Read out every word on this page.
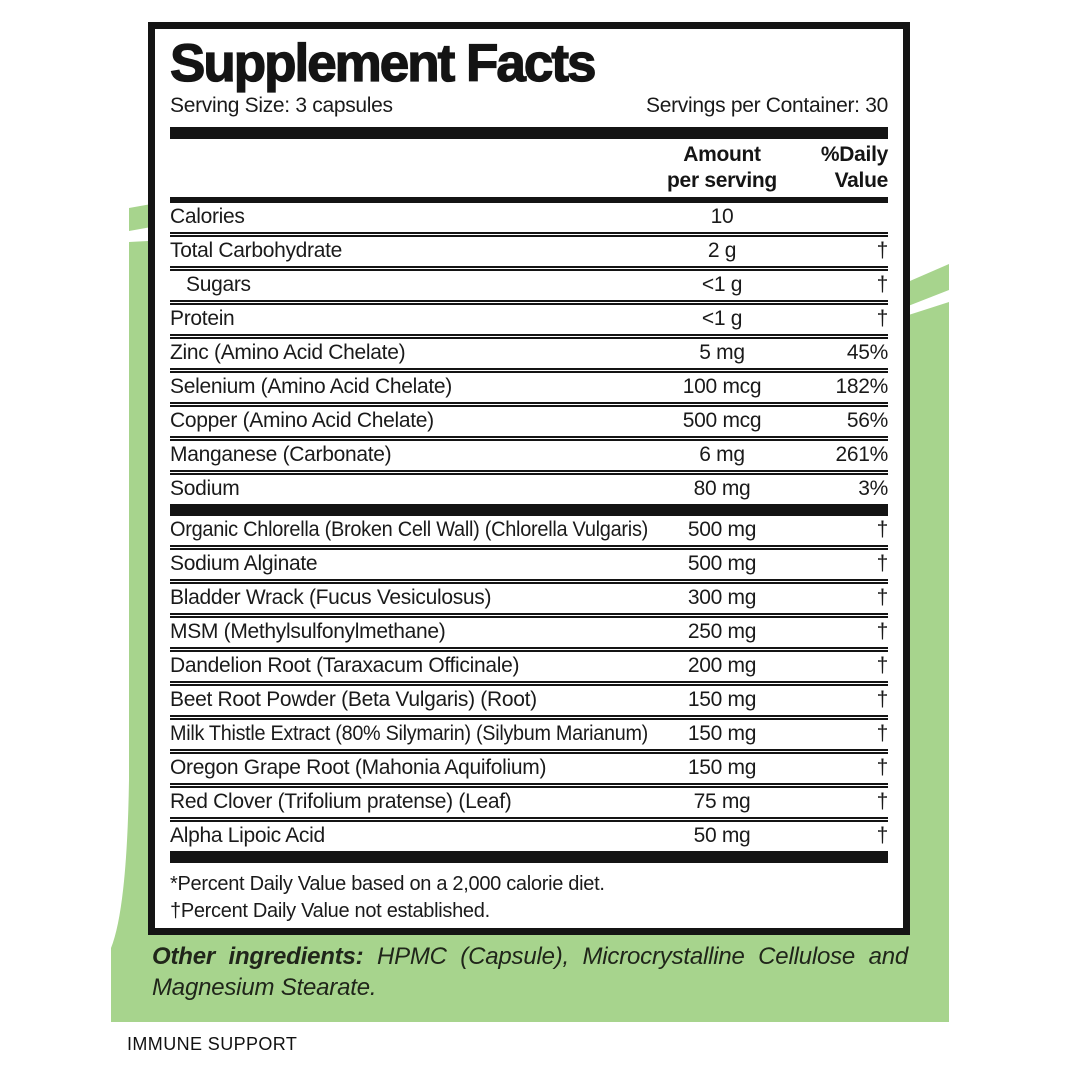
Supplement Facts
Serving Size: 3 capsules	Servings per Container: 30
Amount
per serving
%Daily
Value
Calories	10
Total Carbohydrate	2 g	†
Sugars	<1 g	†
Protein	<1 g	†
Zinc (Amino Acid Chelate)	5 mg	45%
Selenium (Amino Acid Chelate)	100 mcg	182%
Copper (Amino Acid Chelate)	500 mcg	56%
Manganese (Carbonate)	6 mg	261%
Sodium	80 mg	3%
Organic Chlorella (Broken Cell Wall) (Chlorella Vulgaris)	500 mg	†
Sodium Alginate	500 mg	†
Bladder Wrack (Fucus Vesiculosus)	300 mg	†
MSM (Methylsulfonylmethane)	250 mg	†
Dandelion Root (Taraxacum Officinale)	200 mg	†
Beet Root Powder (Beta Vulgaris) (Root)	150 mg	†
Milk Thistle Extract (80% Silymarin) (Silybum Marianum)	150 mg	†
Oregon Grape Root (Mahonia Aquifolium)	150 mg	†
Red Clover (Trifolium pratense) (Leaf)	75 mg	†
Alpha Lipoic Acid	50 mg	†
*Percent Daily Value based on a 2,000 calorie diet.
†Percent Daily Value not established.
Other ingredients: HPMC (Capsule), Microcrystalline Cellulose and Magnesium Stearate.
IMMUNE SUPPORT
